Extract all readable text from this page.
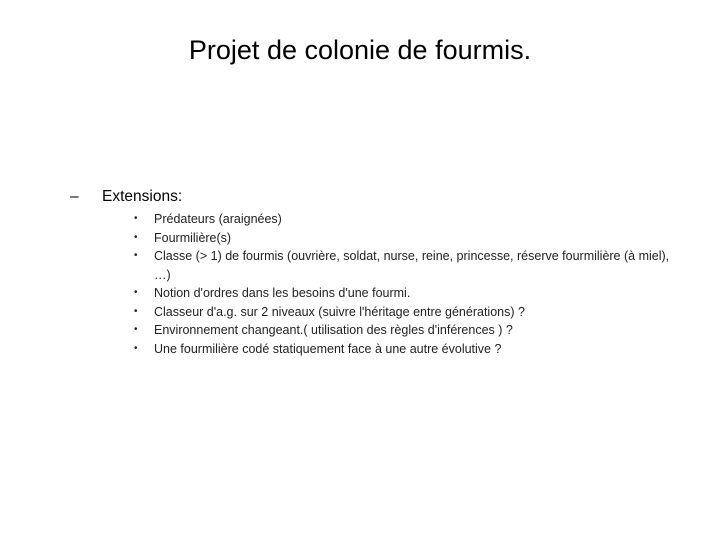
Projet de colonie de fourmis.
– Extensions:
• Prédateurs (araignées)
• Fourmilière(s)
• Classe (> 1) de fourmis (ouvrière, soldat, nurse, reine, princesse, réserve fourmilière (à miel), …)
• Notion d'ordres dans les besoins d'une fourmi.
• Classeur d'a.g. sur 2 niveaux (suivre l'héritage entre générations) ?
• Environnement changeant.( utilisation des règles d'inférences ) ?
• Une fourmilière codé statiquement face à une autre évolutive ?
